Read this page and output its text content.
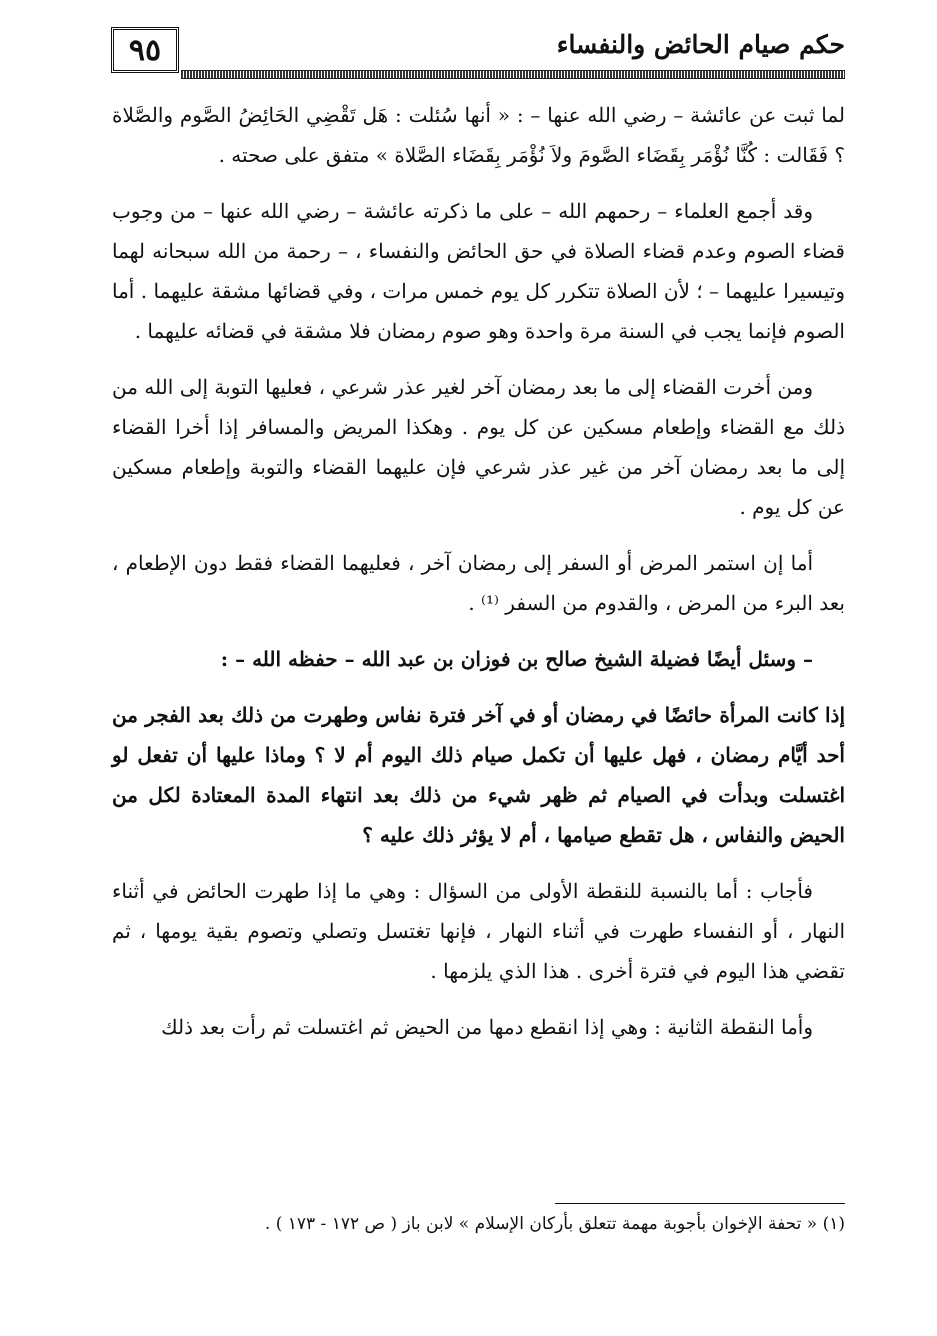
٩٥	حكم صيام الحائض والنفساء

لما ثبت عن عائشة – رضي الله عنها – : « أنها سُئلت : هَل تَقْضِي الحَائِضُ الصَّوم والصَّلاة ؟ فَقَالت : كُنَّا نُؤْمَر بِقَضَاء الصَّومَ ولاَ نُؤْمَر بِقَضَاء الصَّلاة » متفق على صحته .

وقد أجمع العلماء – رحمهم الله – على ما ذكرته عائشة – رضي الله عنها – من وجوب قضاء الصوم وعدم قضاء الصلاة في حق الحائض والنفساء ، – رحمة من الله سبحانه لهما وتيسيرا عليهما – ؛ لأن الصلاة تتكرر كل يوم خمس مرات ، وفي قضائها مشقة عليهما . أما الصوم فإنما يجب في السنة مرة واحدة وهو صوم رمضان فلا مشقة في قضائه عليهما .

ومن أخرت القضاء إلى ما بعد رمضان آخر لغير عذر شرعي ، فعليها التوبة إلى الله من ذلك مع القضاء وإطعام مسكين عن كل يوم . وهكذا المريض والمسافر إذا أخرا القضاء إلى ما بعد رمضان آخر من غير عذر شرعي فإن عليهما القضاء والتوبة وإطعام مسكين عن كل يوم .

أما إن استمر المرض أو السفر إلى رمضان آخر ، فعليهما القضاء فقط دون الإطعام ، بعد البرء من المرض ، والقدوم من السفر ⁽¹⁾ .

– وسئل أيضًا فضيلة الشيخ صالح بن فوزان بن عبد الله – حفظه الله – :

إذا كانت المرأة حائضًا في رمضان أو في آخر فترة نفاس وطهرت من ذلك بعد الفجر من أحد أيَّام رمضان ، فهل عليها أن تكمل صيام ذلك اليوم أم لا ؟ وماذا عليها أن تفعل لو اغتسلت وبدأت في الصيام ثم ظهر شيء من ذلك بعد انتهاء المدة المعتادة لكل من الحيض والنفاس ، هل تقطع صيامها ، أم لا يؤثر ذلك عليه ؟

فأجاب : أما بالنسبة للنقطة الأولى من السؤال : وهي ما إذا طهرت الحائض في أثناء النهار ، أو النفساء طهرت في أثناء النهار ، فإنها تغتسل وتصلي وتصوم بقية يومها ، ثم تقضي هذا اليوم في فترة أخرى . هذا الذي يلزمها .

وأما النقطة الثانية : وهي إذا انقطع دمها من الحيض ثم اغتسلت ثم رأت بعد ذلك

(١) « تحفة الإخوان بأجوبة مهمة تتعلق بأركان الإسلام » لابن باز ( ص ١٧٢ - ١٧٣ ) .
